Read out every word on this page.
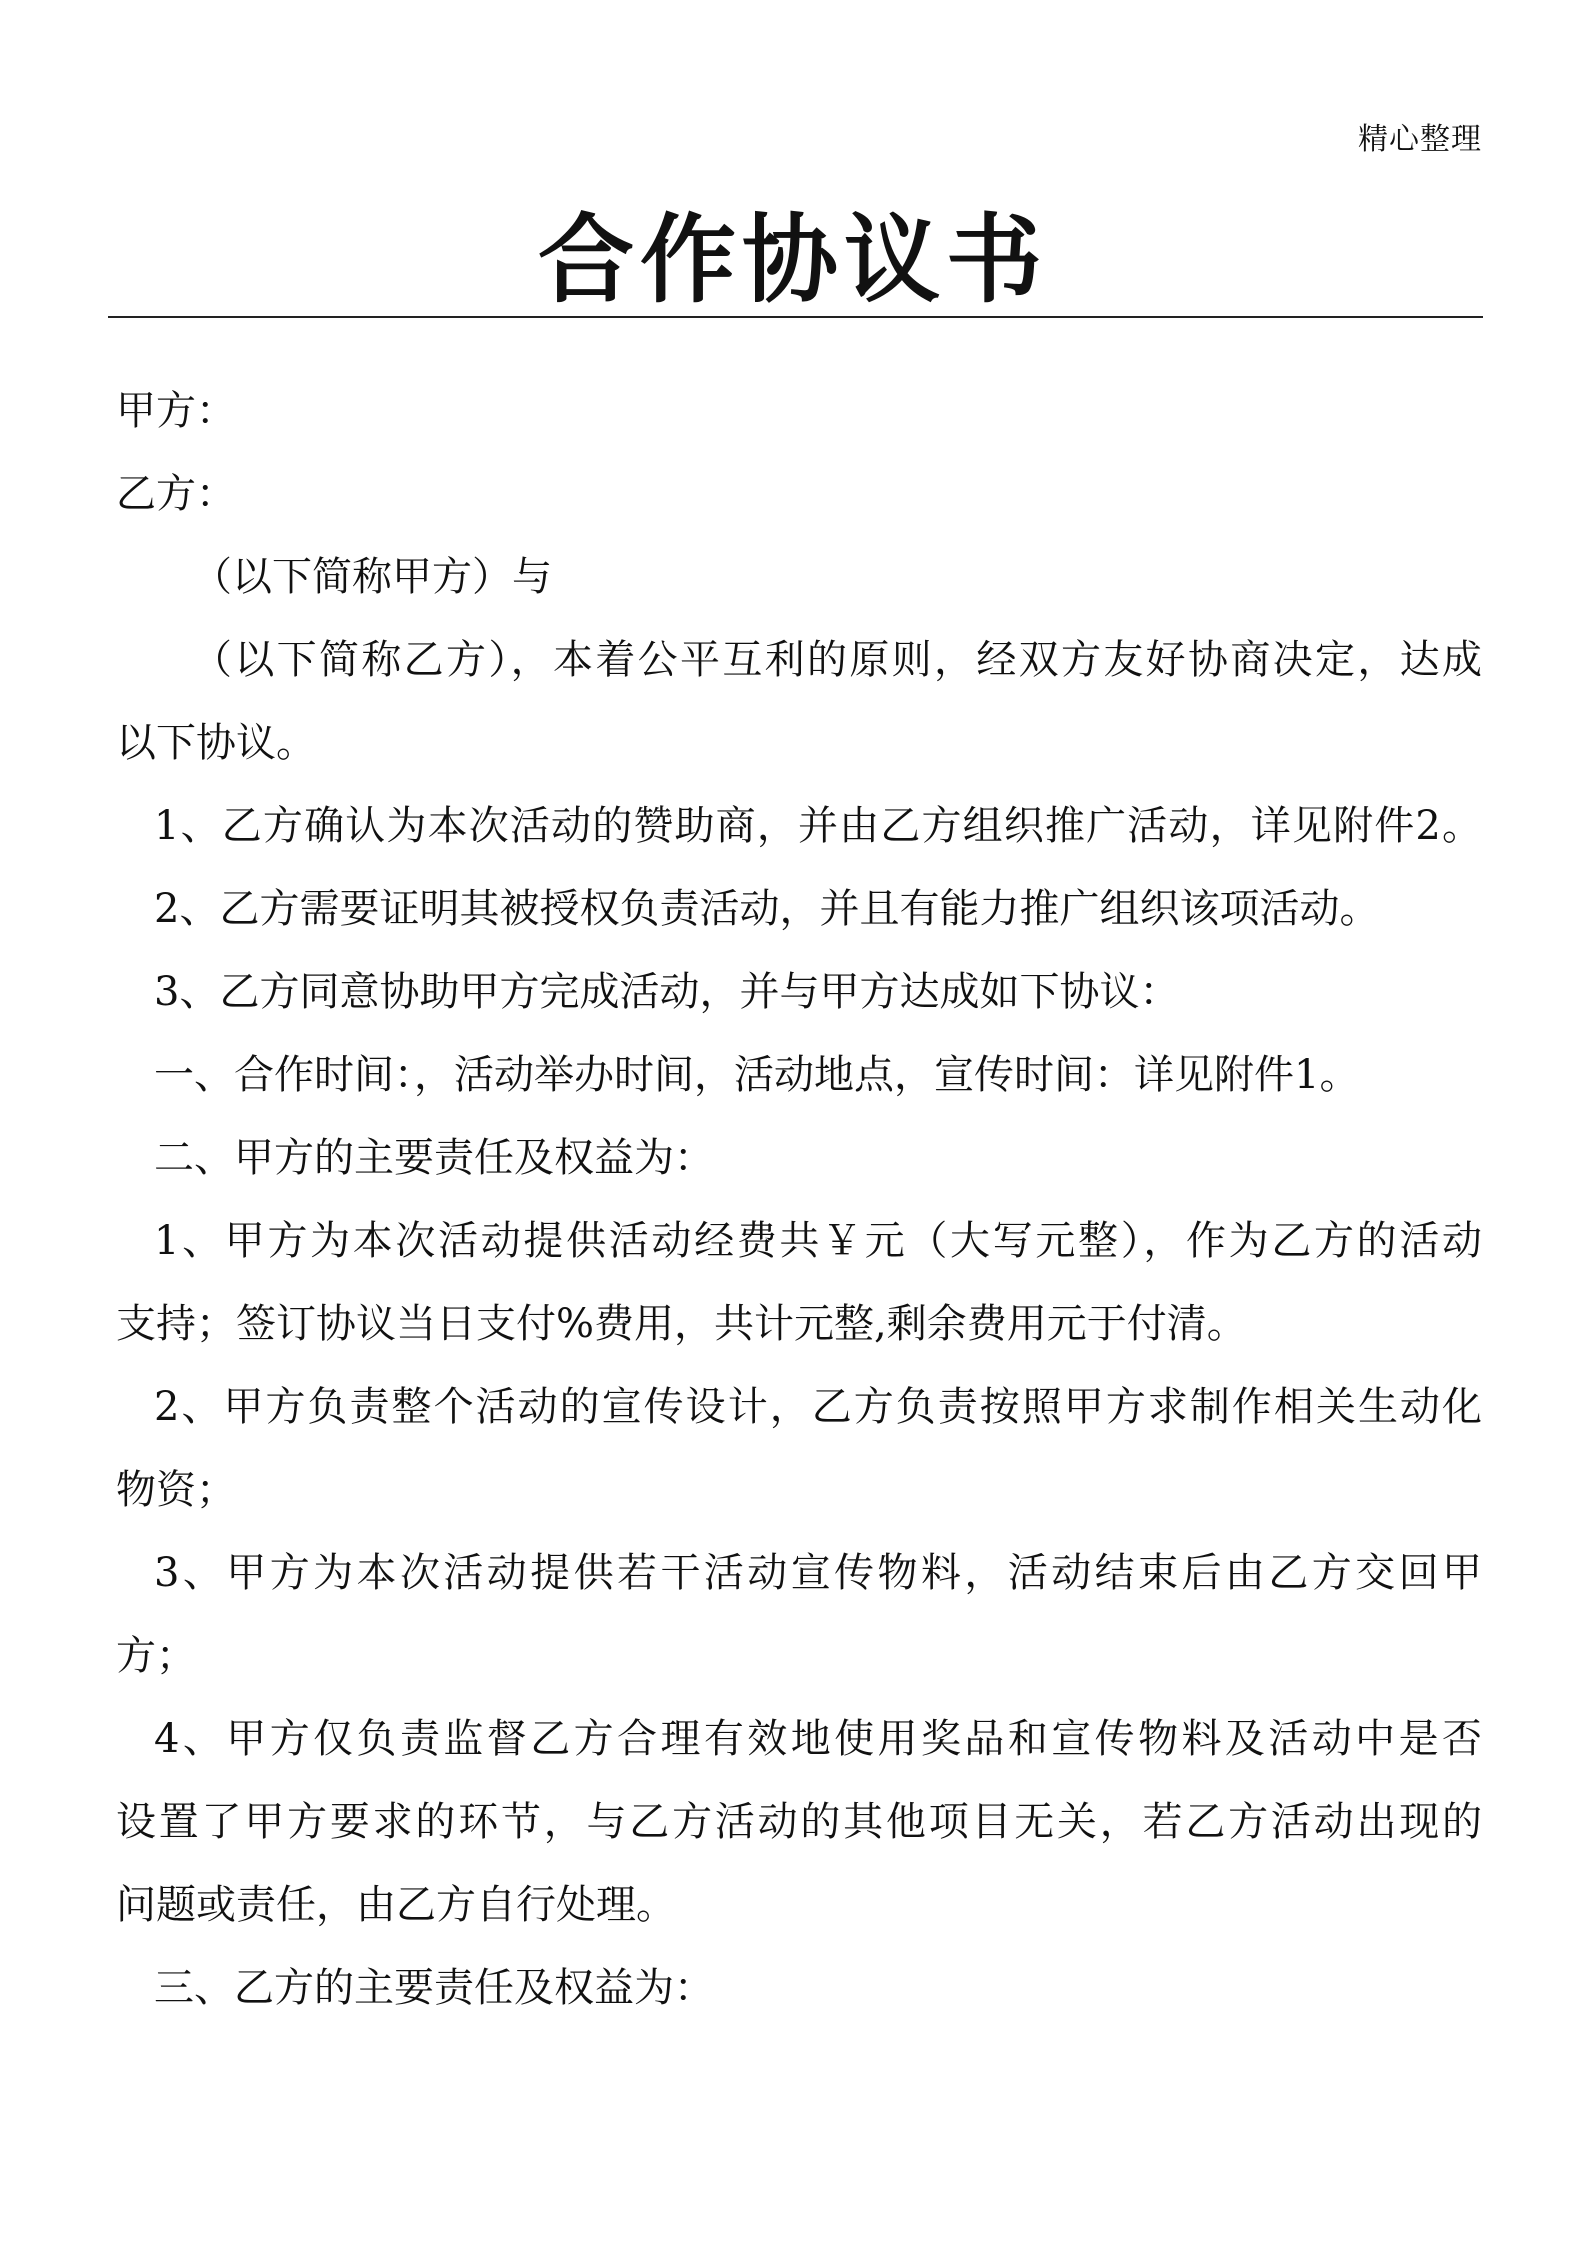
精心整理
合作协议书
甲方：
乙方：
（以下简称甲方）与
（以下简称乙方），本着公平互利的原则，经双方友好协商决定，达成
以下协议。
1、乙方确认为本次活动的赞助商，并由乙方组织推广活动，详见附件2。
2、乙方需要证明其被授权负责活动，并且有能力推广组织该项活动。
3、乙方同意协助甲方完成活动，并与甲方达成如下协议：
一、合作时间：，活动举办时间，活动地点，宣传时间：详见附件1。
二、甲方的主要责任及权益为：
1、甲方为本次活动提供活动经费共￥元（大写元整），作为乙方的活动
支持；签订协议当日支付%费用，共计元整,剩余费用元于付清。
2、甲方负责整个活动的宣传设计，乙方负责按照甲方求制作相关生动化
物资；
3、甲方为本次活动提供若干活动宣传物料，活动结束后由乙方交回甲
方；
4、甲方仅负责监督乙方合理有效地使用奖品和宣传物料及活动中是否
设置了甲方要求的环节，与乙方活动的其他项目无关，若乙方活动出现的
问题或责任，由乙方自行处理。
三、乙方的主要责任及权益为：
